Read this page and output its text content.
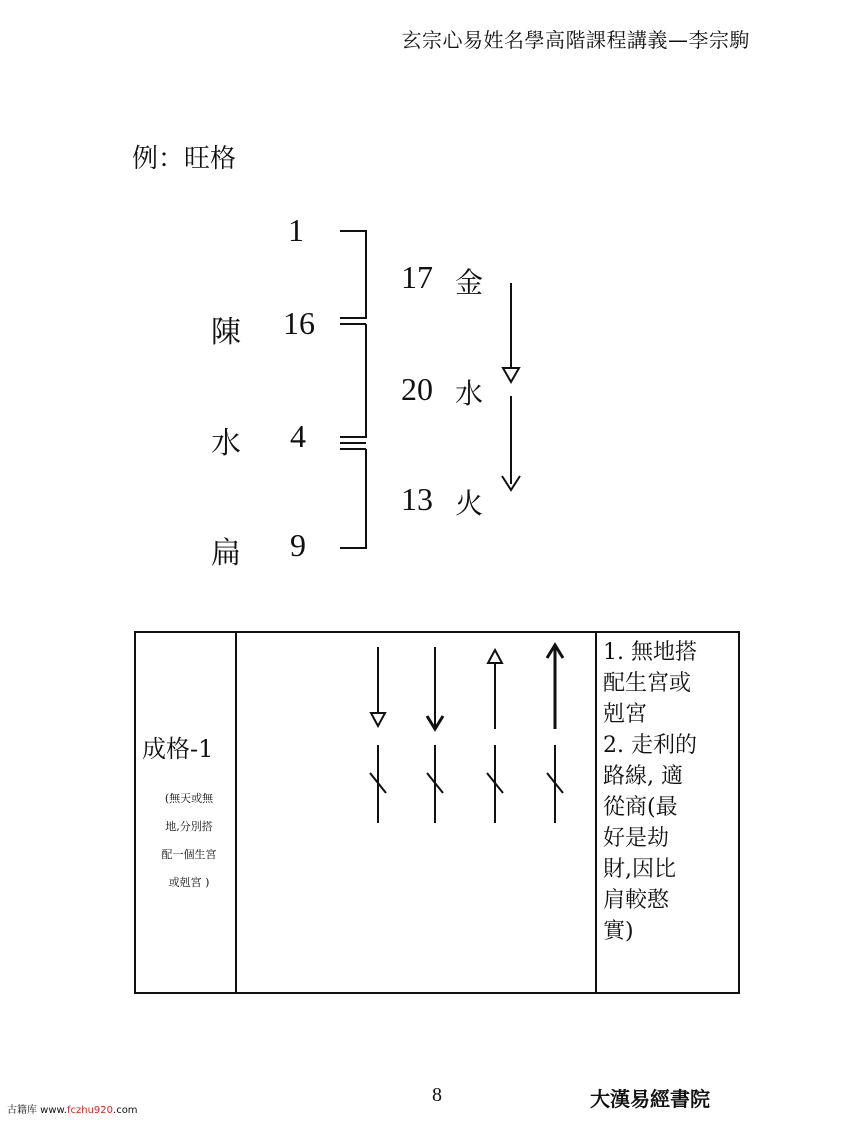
玄宗心易姓名學高階課程講義—李宗駒
例：旺格
陳
水
扁
1
16
4
9
17 金
20 水
13 火
成格-1
(無天或無
地,分別搭
配一個生宮
或剋宮 )
1. 無地搭
配生宮或
剋宮
2. 走利的
路線, 適
從商(最
好是劫
財,因比
肩較憨
實)
古籍库 www.fczhu920.com
8	大漢易經書院
